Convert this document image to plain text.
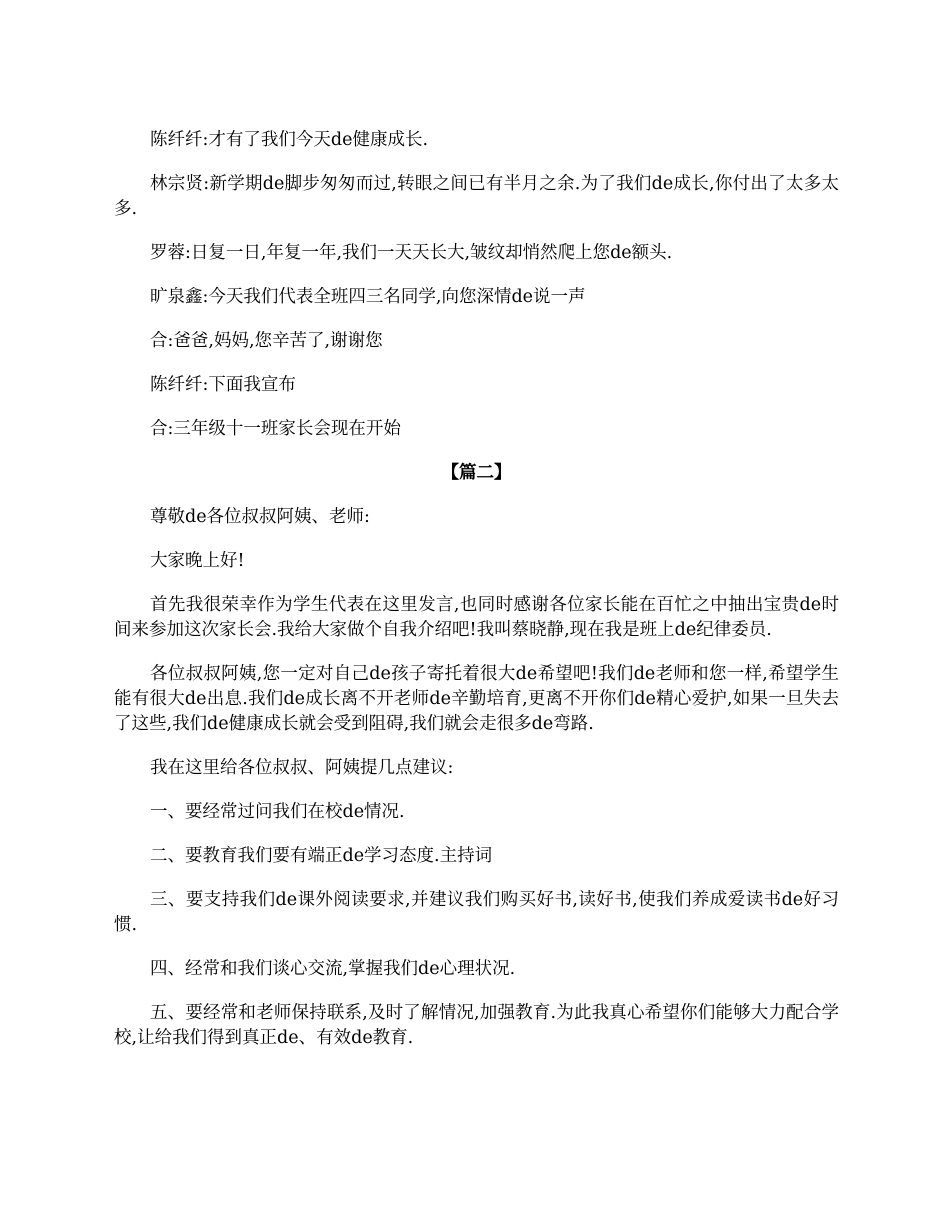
陈纤纤:才有了我们今天de健康成长.

林宗贤:新学期de脚步匆匆而过,转眼之间已有半月之余.为了我们de成长,你付出了太多太多.

罗蓉:日复一日,年复一年,我们一天天长大,皱纹却悄然爬上您de额头.

旷泉鑫:今天我们代表全班四三名同学,向您深情de说一声

合:爸爸,妈妈,您辛苦了,谢谢您

陈纤纤:下面我宣布

合:三年级十一班家长会现在开始

【篇二】

尊敬de各位叔叔阿姨、老师:

大家晚上好!

首先我很荣幸作为学生代表在这里发言,也同时感谢各位家长能在百忙之中抽出宝贵de时间来参加这次家长会.我给大家做个自我介绍吧!我叫蔡晓静,现在我是班上de纪律委员.

各位叔叔阿姨,您一定对自己de孩子寄托着很大de希望吧!我们de老师和您一样,希望学生能有很大de出息.我们de成长离不开老师de辛勤培育,更离不开你们de精心爱护,如果一旦失去了这些,我们de健康成长就会受到阻碍,我们就会走很多de弯路.

我在这里给各位叔叔、阿姨提几点建议:

一、要经常过问我们在校de情况.

二、要教育我们要有端正de学习态度.主持词

三、要支持我们de课外阅读要求,并建议我们购买好书,读好书,使我们养成爱读书de好习惯.

四、经常和我们谈心交流,掌握我们de心理状况.

五、要经常和老师保持联系,及时了解情况,加强教育.为此我真心希望你们能够大力配合学校,让给我们得到真正de、有效de教育.
